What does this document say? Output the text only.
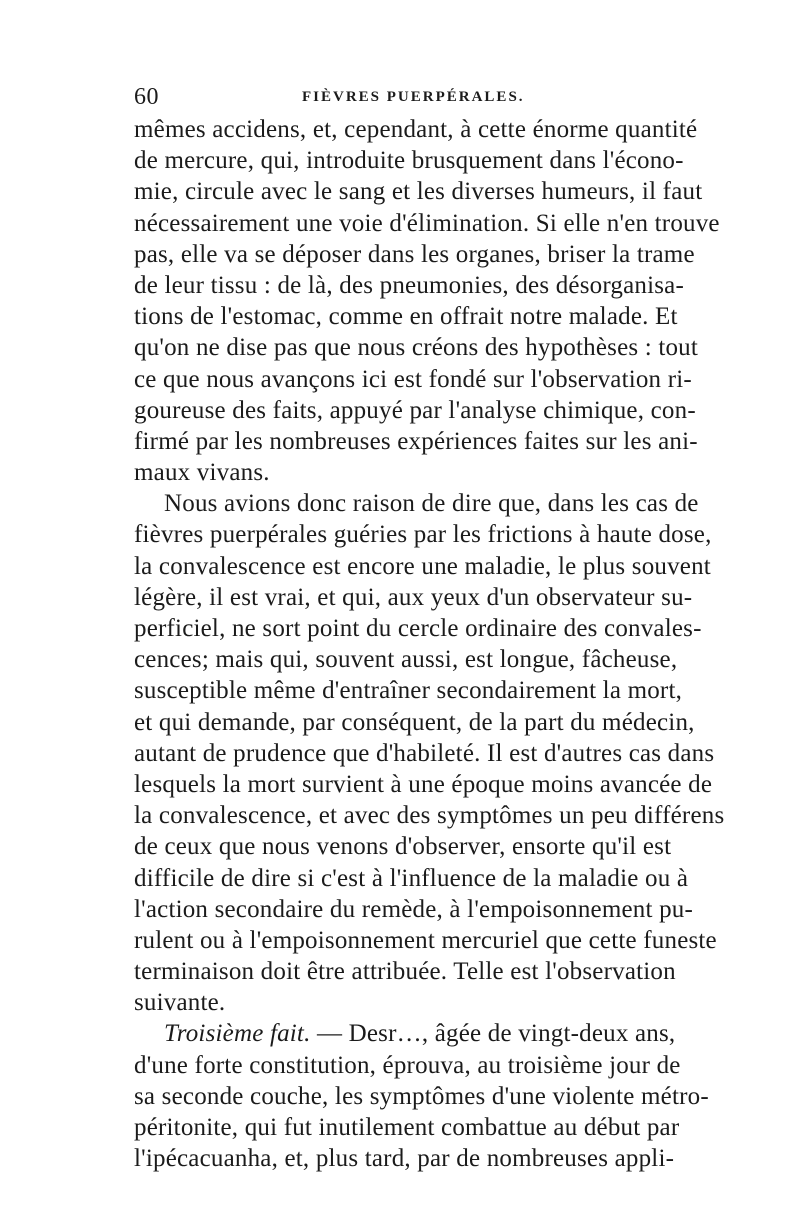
60	FIÈVRES PUERPÉRALES.
mêmes accidens, et, cependant, à cette énorme quantité
de mercure, qui, introduite brusquement dans l'écono-
mie, circule avec le sang et les diverses humeurs, il faut
nécessairement une voie d'élimination. Si elle n'en trouve
pas, elle va se déposer dans les organes, briser la trame
de leur tissu : de là, des pneumonies, des désorganisa-
tions de l'estomac, comme en offrait notre malade. Et
qu'on ne dise pas que nous créons des hypothèses : tout
ce que nous avançons ici est fondé sur l'observation ri-
goureuse des faits, appuyé par l'analyse chimique, con-
firmé par les nombreuses expériences faites sur les ani-
maux vivans.
Nous avions donc raison de dire que, dans les cas de
fièvres puerpérales guéries par les frictions à haute dose,
la convalescence est encore une maladie, le plus souvent
légère, il est vrai, et qui, aux yeux d'un observateur su-
perficiel, ne sort point du cercle ordinaire des convales-
cences; mais qui, souvent aussi, est longue, fâcheuse,
susceptible même d'entraîner secondairement la mort,
et qui demande, par conséquent, de la part du médecin,
autant de prudence que d'habileté. Il est d'autres cas dans
lesquels la mort survient à une époque moins avancée de
la convalescence, et avec des symptômes un peu différens
de ceux que nous venons d'observer, ensorte qu'il est
difficile de dire si c'est à l'influence de la maladie ou à
l'action secondaire du remède, à l'empoisonnement pu-
rulent ou à l'empoisonnement mercuriel que cette funeste
terminaison doit être attribuée. Telle est l'observation
suivante.
Troisième fait. — Desr…, âgée de vingt-deux ans,
d'une forte constitution, éprouva, au troisième jour de
sa seconde couche, les symptômes d'une violente métro-
péritonite, qui fut inutilement combattue au début par
l'ipécacuanha, et, plus tard, par de nombreuses appli-
